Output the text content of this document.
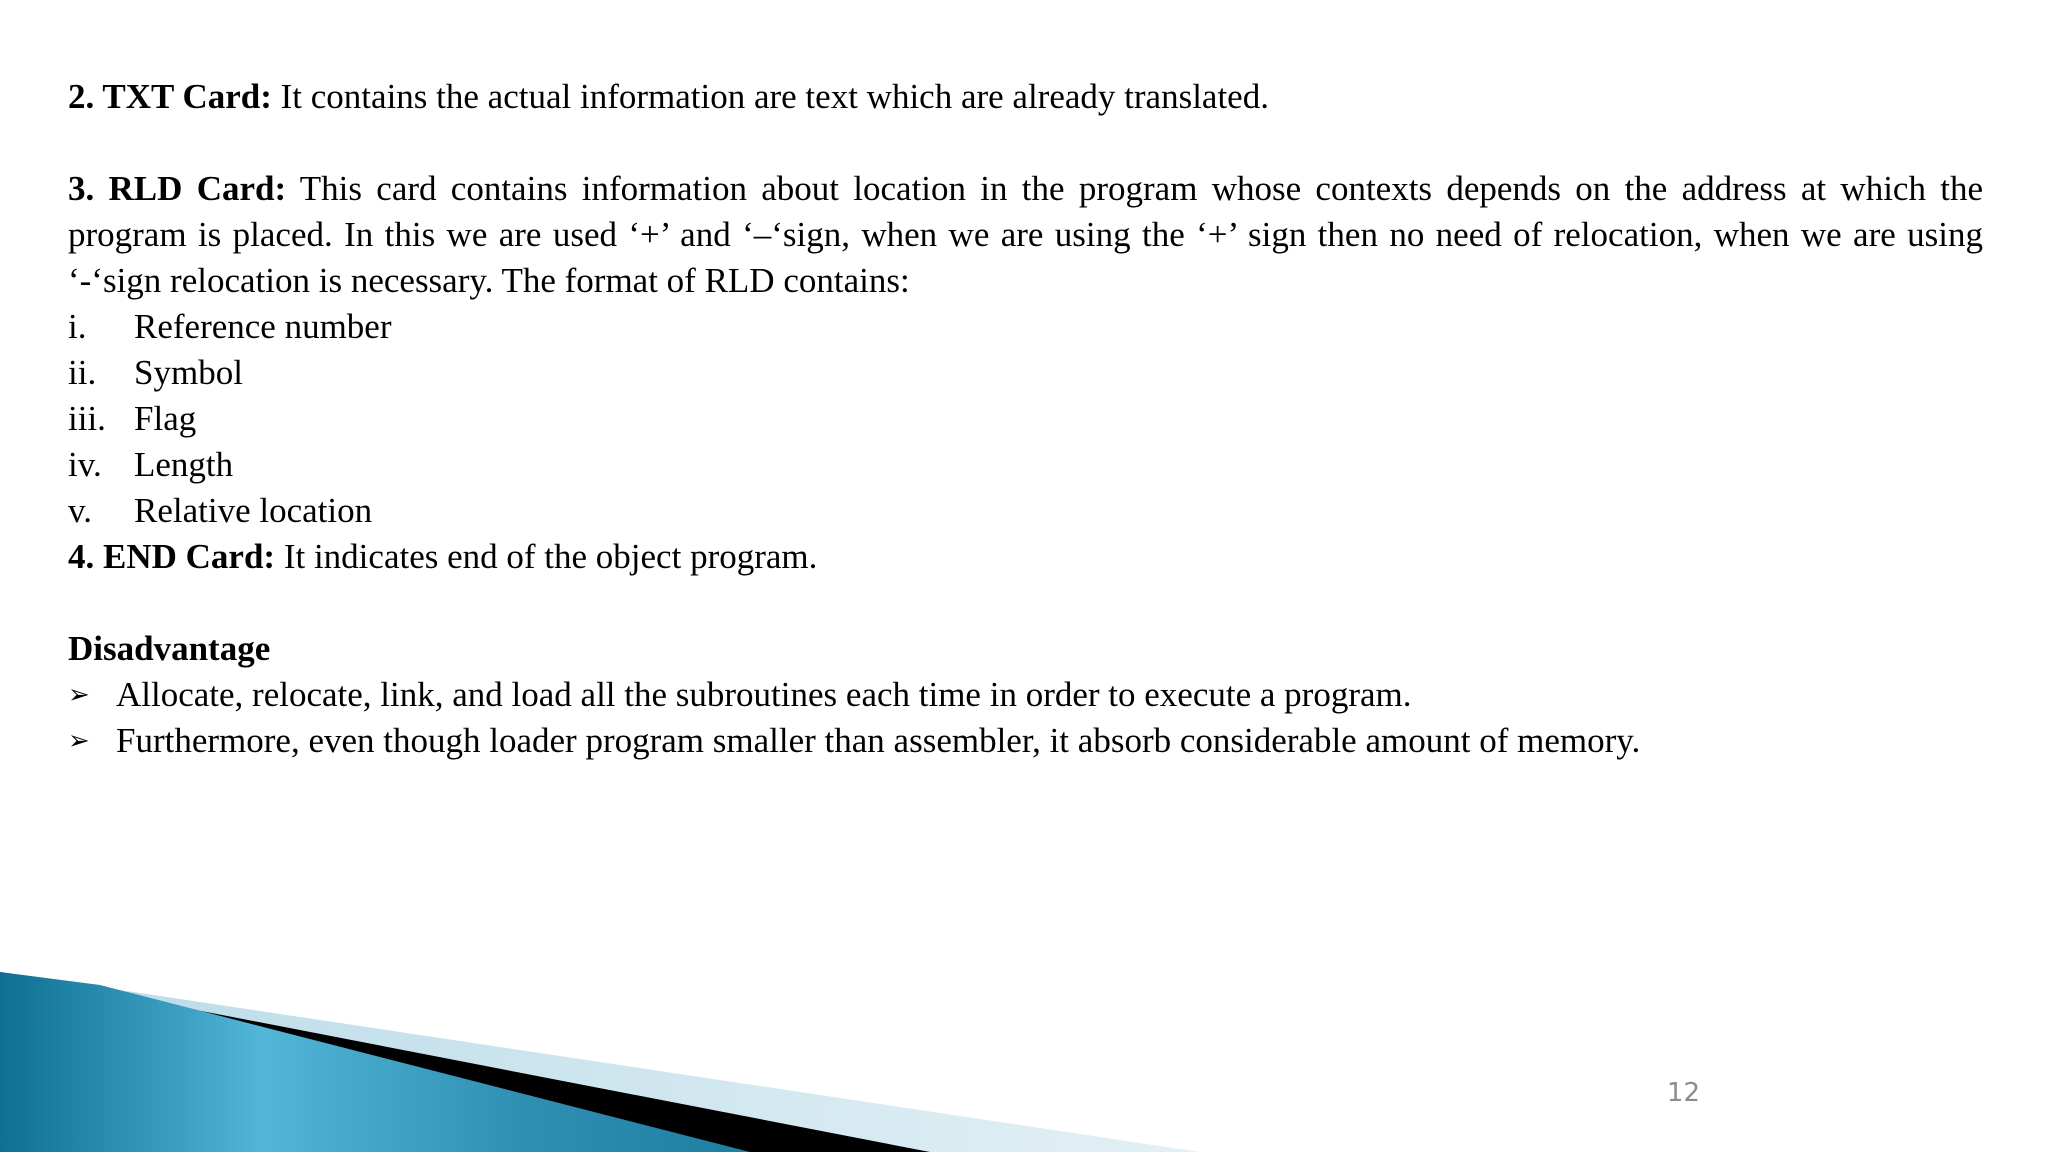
2. TXT Card: It contains the actual information are text which are already translated.

3. RLD Card: This card contains information about location in the program whose contexts depends on the address at which the program is placed. In this we are used ‘+’ and ‘–‘sign, when we are using the ‘+’ sign then no need of relocation, when we are using ‘-‘sign relocation is necessary. The format of RLD contains:

i.	Reference number
ii.	Symbol
iii. Flag
iv. Length
v.	Relative location

4. END Card: It indicates end of the object program.

Disadvantage

➢ Allocate, relocate, link, and load all the subroutines each time in order to execute a program.
➢ Furthermore, even though loader program smaller than assembler, it absorb considerable amount of memory.
12
